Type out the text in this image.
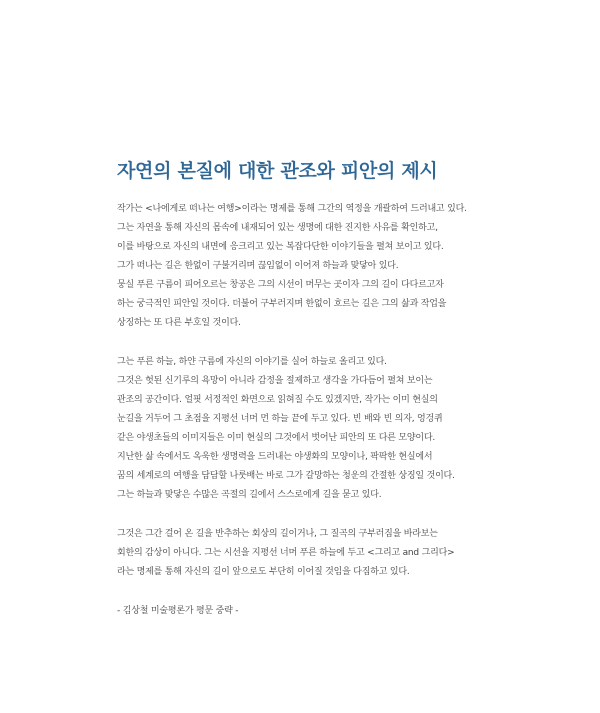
자연의 본질에 대한 관조와 피안의 제시

작가는 <나에게로 떠나는 여행>이라는 명제를 통해 그간의 역정을 개괄하여 드러내고 있다.
그는 자연을 통해 자신의 몸속에 내재되어 있는 생명에 대한 진지한 사유를 확인하고,
이를 바탕으로 자신의 내면에 응크리고 있는 복잡다단한 이야기들을 펼쳐 보이고 있다.
그가 떠나는 길은 한없이 구불거리며 끊임없이 이어져 하늘과 맞닿아 있다.
뭉실 푸른 구름이 피어오르는 창공은 그의 시선이 머무는 곳이자 그의 길이 다다르고자
하는 궁극적인 피안일 것이다. 더불어 구부러지며 한없이 흐르는 길은 그의 삶과 작업을
상징하는 또 다른 부호일 것이다.

그는 푸른 하늘, 하얀 구름에 자신의 이야기를 실어 하늘로 올리고 있다.
그것은 헛된 신기루의 욕망이 아니라 감정을 절제하고 생각을 가다듬어 펼쳐 보이는
관조의 공간이다. 얼핏 서정적인 화면으로 읽혀질 수도 있겠지만, 작가는 이미 현실의
눈길을 거두어 그 초점을 지평선 너머 먼 하늘 끝에 두고 있다. 빈 배와 빈 의자, 엉겅퀴
같은 야생초들의 이미지들은 이미 현실의 그것에서 벗어난 피안의 또 다른 모양이다.
지난한 삶 속에서도 옥욱한 생명력을 드러내는 야생화의 모양이나, 팍팍한 현실에서
꿈의 세계로의 여행을 담담할 나룻배는 바로 그가 갈망하는 청운의 간절한 상징일 것이다.
그는 하늘과 맞닿은 수많은 곡절의 길에서 스스로에게 길을 묻고 있다.

그것은 그간 걸어 온 길을 반추하는 회상의 길이거나, 그 질곡의 구부러짐을 바라보는
회한의 감상이 아니다. 그는 시선을 지평선 너머 푸른 하늘에 두고 <그리고 and 그리다>
라는 명제를 통해 자신의 길이 앞으로도 부단히 이어질 것임을 다짐하고 있다.

- 김상철 미술평론가 평문 중략 -
